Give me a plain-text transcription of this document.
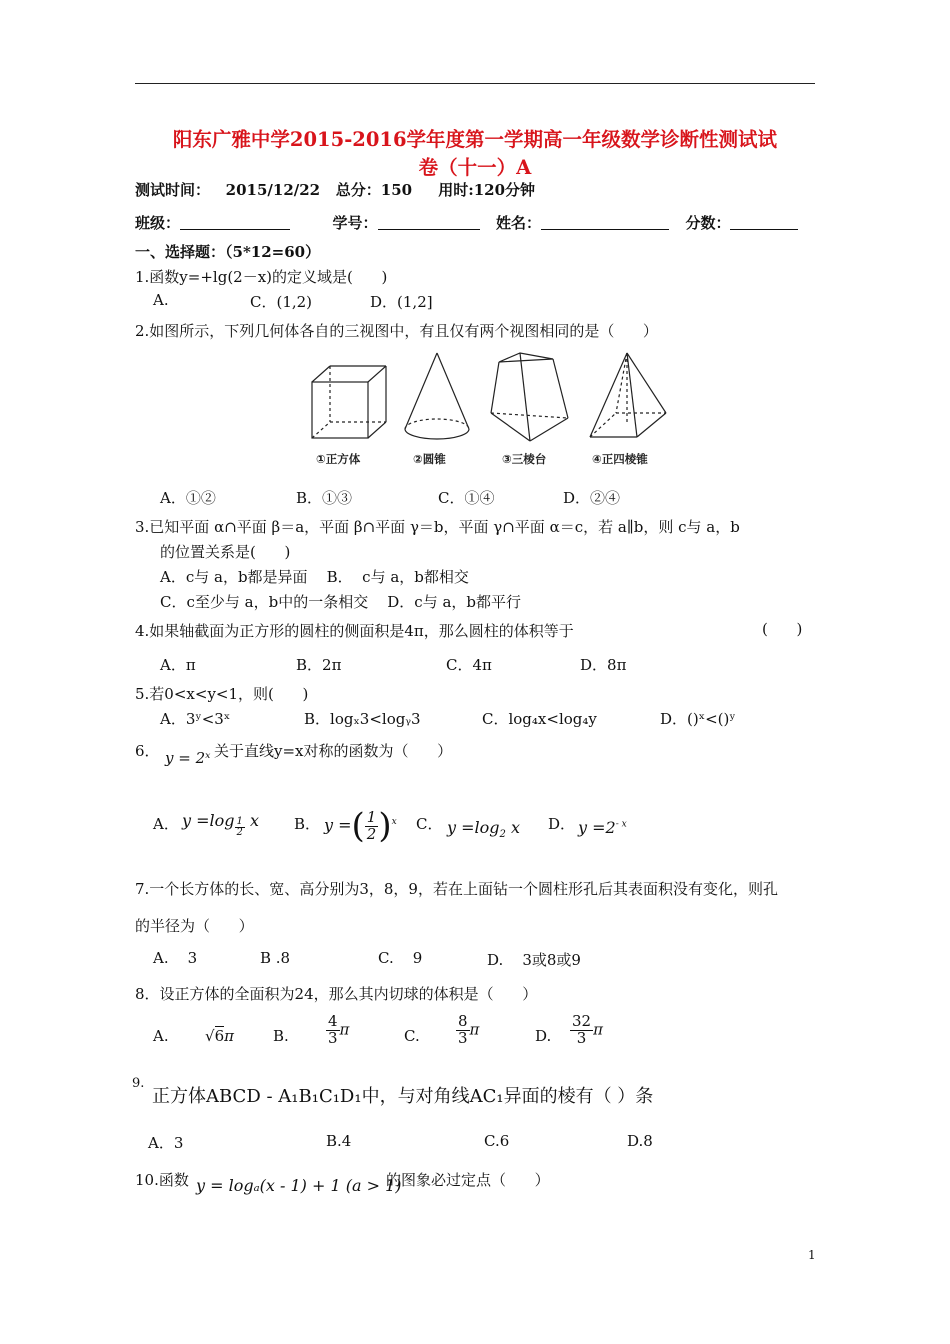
阳东广雅中学2015-2016学年度第一学期高一年级数学诊断性测试试
卷（十一）A
测试时间：   2015/12/22   总分：150     用时:120分钟
班级：	学号：	姓名：	分数：
一、选择题：（5*12=60）
1.函数y=+lg(2－x)的定义域是(      )
A.	C．(1,2)	D．(1,2]
2.如图所示，下列几何体各自的三视图中，有且仅有两个视图相同的是（      ）
①正方体	②圆锥	③三棱台	④正四棱锥
A．①②	B．①③	C．①④	D．②④
3.已知平面 α∩平面 β＝a，平面 β∩平面 γ＝b，平面 γ∩平面 α＝c，若 a∥b，则 c与 a，b
的位置关系是(      )
A．c与 a，b都是异面    B．  c与 a，b都相交
C．c至少与 a，b中的一条相交    D．c与 a，b都平行
4.如果轴截面为正方形的圆柱的侧面积是4π，那么圆柱的体积等于	(      )
A．π	B．2π	C．4π	D．8π
5.若0<x<y<1，则(      )
A．3ʸ<3ˣ	B．logₓ3<logᵧ3	C．log₄x<log₄y	D．()ˣ<()ʸ
6． y = 2ˣ 关于直线y=x对称的函数为（      ）
A． y =log $_{\frac{1}{2}}$ x B． y =( $\frac{1}{2} )^x$ C． $y =\log_2$ x D． $y =2^{- x}$
7.一个长方体的长、宽、高分别为3，8，9，若在上面钻一个圆柱形孔后其表面积没有变化，则孔
的半径为（      ）
A.    3	B .8	C.    9	D.    3或8或9
8．设正方体的全面积为24，那么其内切球的体积是（      ）
A. √6π	B. $\frac{4}{3}$ π	C. $\frac{8}{3}$ π	D. $\frac{32}{3}$ π
9.
正方体ABCD - A₁B₁C₁D₁中，与对角线AC₁异面的棱有（ ）条
A．3	B.4	C.6	D.8
10.函数 y = logₐ(x - 1) + 1 (a > 1)
的图象必过定点（      ）
1
